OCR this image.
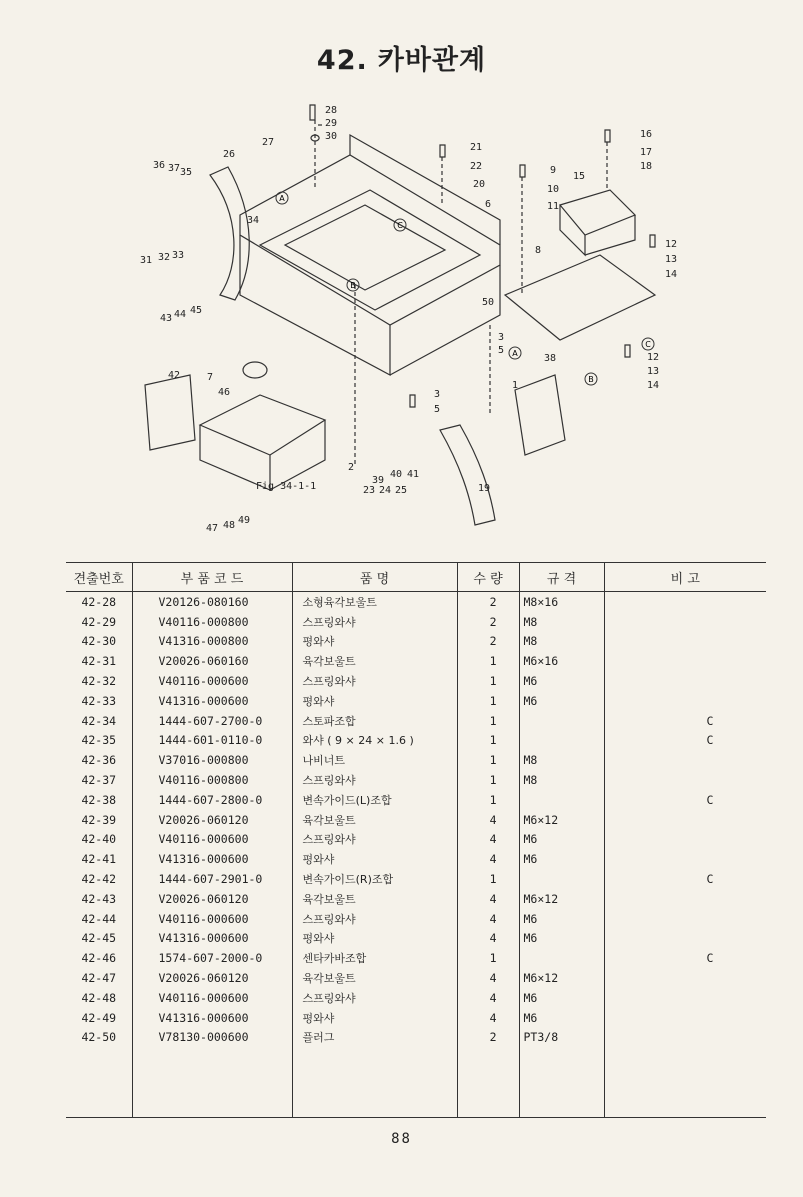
42. 카바관계
28
29
30
27
26
21
22
20
16
17
18
9
10
11
15
36 37 35
34
6
12
13
14
8
31 32 33
43 44 45
50
3
5
1
2
7
42
46	3
5
38	12
13
14
39
40 41
23 24 25	19
47 48 49
Fig 34-1-1
A
A
B
B
C
C
견출번호	부 품 코 드	품 명	수 량	규 격	비 고
42-28	V20126-080160	소형육각보울트	2	M8×16	
42-29	V40116-000800	스프링와샤	2	M8	
42-30	V41316-000800	평와샤	2	M8	
42-31	V20026-060160	육각보울트	1	M6×16	
42-32	V40116-000600	스프링와샤	1	M6	
42-33	V41316-000600	평와샤	1	M6	
42-34	1444-607-2700-0	스토파조합	1		C
42-35	1444-601-0110-0	와샤 ( 9 × 24 × 1.6 )	1		C
42-36	V37016-000800	나비너트	1	M8	
42-37	V40116-000800	스프링와샤	1	M8	
42-38	1444-607-2800-0	변속가이드(L)조합	1		C
42-39	V20026-060120	육각보울트	4	M6×12	
42-40	V40116-000600	스프링와샤	4	M6	
42-41	V41316-000600	평와샤	4	M6	
42-42	1444-607-2901-0	변속가이드(R)조합	1		C
42-43	V20026-060120	육각보울트	4	M6×12	
42-44	V40116-000600	스프링와샤	4	M6	
42-45	V41316-000600	평와샤	4	M6	
42-46	1574-607-2000-0	센타카바조합	1		C
42-47	V20026-060120	육각보울트	4	M6×12	
42-48	V40116-000600	스프링와샤	4	M6	
42-49	V41316-000600	평와샤	4	M6	
42-50	V78130-000600	플러그	2	PT3/8	

88
